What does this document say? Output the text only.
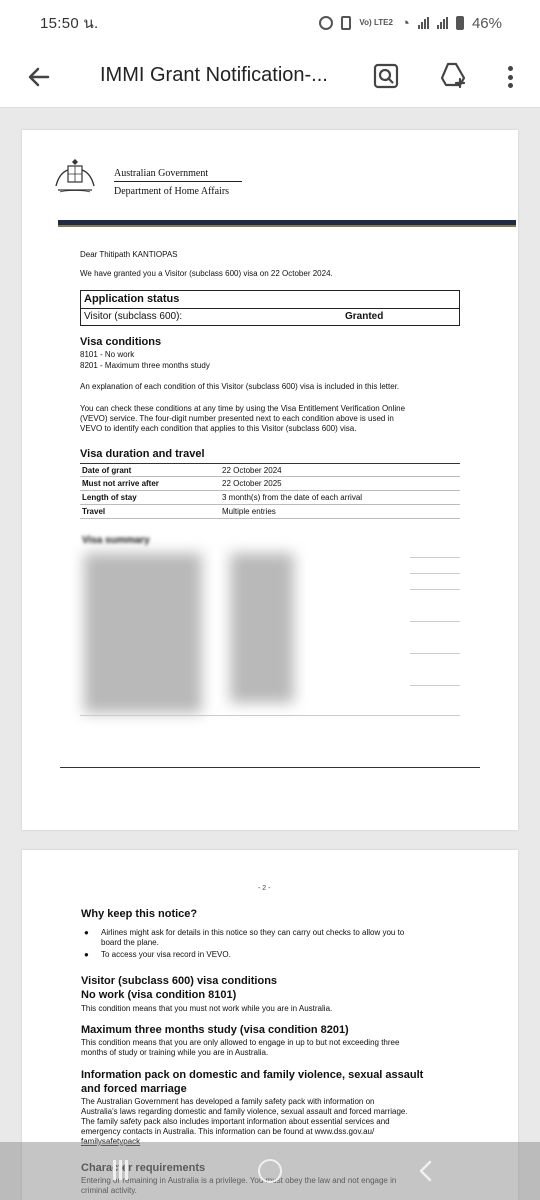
15:50 น.	Vo) LTE2 ◔	46%
IMMI Grant Notification-...
Australian Government
Department of Home Affairs
Dear Thitipath KANTIOPAS
We have granted you a Visitor (subclass 600) visa on 22 October 2024.
Application status
Visitor (subclass 600):	Granted
Visa conditions
8101 - No work
8201 - Maximum three months study
An explanation of each condition of this Visitor (subclass 600) visa is included in this letter.
You can check these conditions at any time by using the Visa Entitlement Verification Online
(VEVO) service. The four-digit number presented next to each condition above is used in
VEVO to identify each condition that applies to this Visitor (subclass 600) visa.
Visa duration and travel
Date of grant	22 October 2024
Must not arrive after	22 October 2025
Length of stay	3 month(s) from the date of each arrival
Travel	Multiple entries
Visa summary
- 2 -
Why keep this notice?
● Airlines might ask for details in this notice so they can carry out checks to allow you to
board the plane.
● To access your visa record in VEVO.
Visitor (subclass 600) visa conditions
No work (visa condition 8101)
This condition means that you must not work while you are in Australia.
Maximum three months study (visa condition 8201)
This condition means that you are only allowed to engage in up to but not exceeding three
months of study or training while you are in Australia.
Information pack on domestic and family violence, sexual assault
and forced marriage
The Australian Government has developed a family safety pack with information on
Australia's laws regarding domestic and family violence, sexual assault and forced marriage.
The family safety pack also includes important information about essential services and
emergency contacts in Australia. This information can be found at www.dss.gov.au/
